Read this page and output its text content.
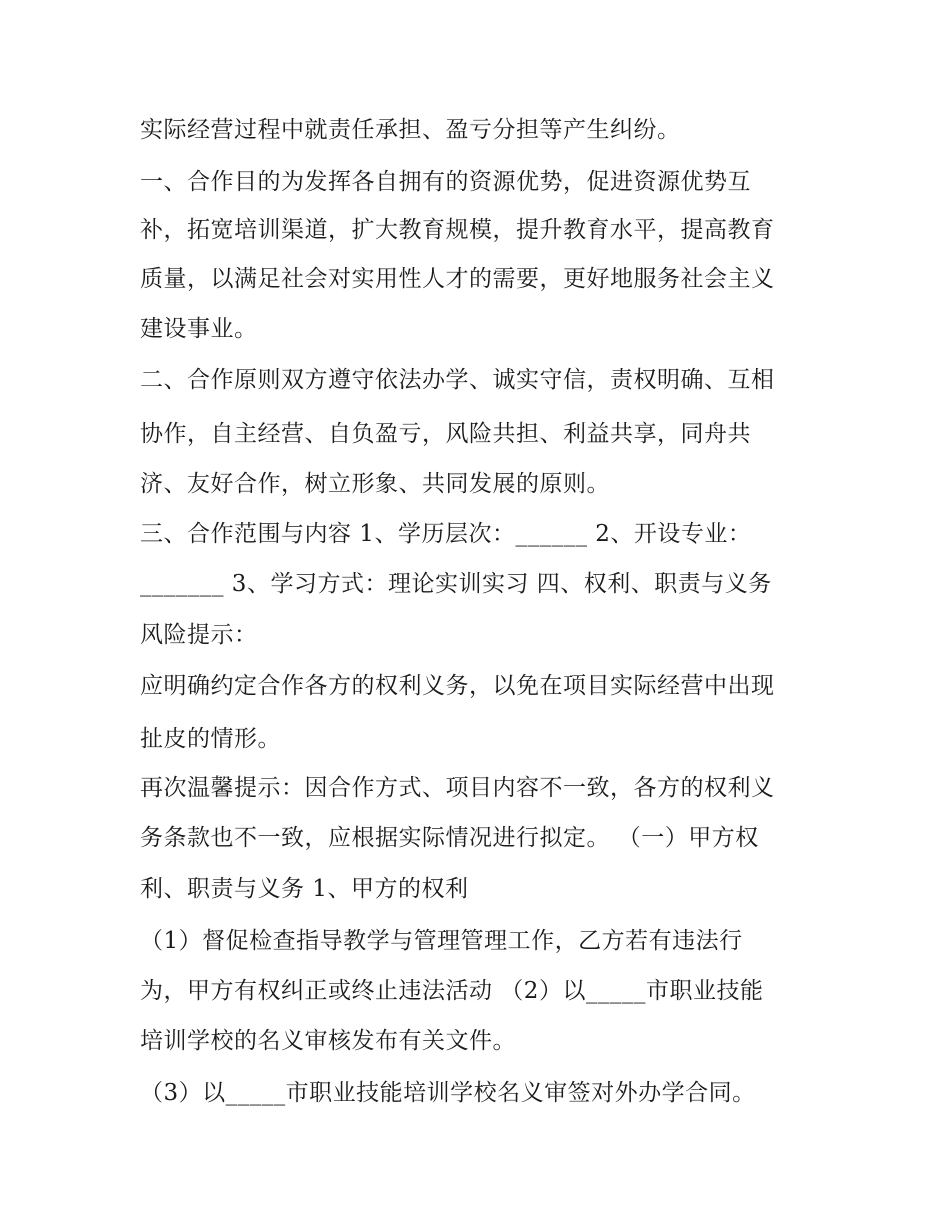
实际经营过程中就责任承担、盈亏分担等产生纠纷。
一、合作目的为发挥各自拥有的资源优势，促进资源优势互
补，拓宽培训渠道，扩大教育规模，提升教育水平，提高教育
质量，以满足社会对实用性人才的需要，更好地服务社会主义
建设事业。
二、合作原则双方遵守依法办学、诚实守信，责权明确、互相
协作，自主经营、自负盈亏，风险共担、利益共享，同舟共
济、友好合作，树立形象、共同发展的原则。
三、合作范围与内容 1、学历层次：______ 2、开设专业：
_______ 3、学习方式：理论实训实习 四、权利、职责与义务
风险提示：
应明确约定合作各方的权利义务，以免在项目实际经营中出现
扯皮的情形。
再次温馨提示：因合作方式、项目内容不一致，各方的权利义
务条款也不一致，应根据实际情况进行拟定。 （一）甲方权
利、职责与义务 1、甲方的权利
（1）督促检查指导教学与管理管理工作，乙方若有违法行
为，甲方有权纠正或终止违法活动 （2）以_____市职业技能
培训学校的名义审核发布有关文件。
（3）以_____市职业技能培训学校名义审签对外办学合同。
